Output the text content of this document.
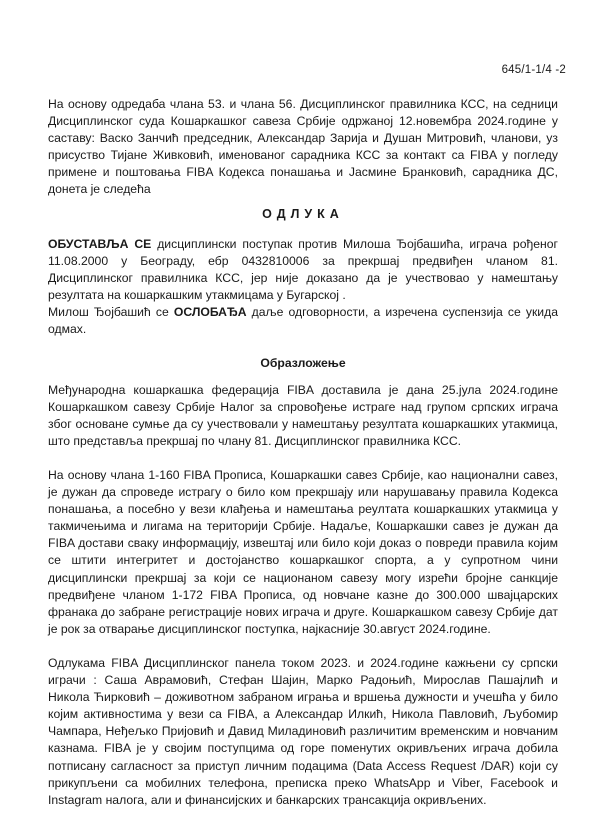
645/1-1/4 -2

На основу одредаба члана 53. и члана 56. Дисциплинског правилника КСС, на седници Дисциплинског суда Кошаркашког савеза Србије одржаној 12.новембра 2024.године у саставу: Васко Занчић председник, Александар Зарија и Душан Митровић, чланови, уз присуство Тијане Живковић, именованог сарадника КСС за контакт са FIBA у погледу примене и поштовања FIBA Кодекса понашања и Јасмине Бранковић, сарадника ДС, донета је следећа

ОДЛУКА

ОБУСТАВЉА СЕ дисциплински поступак против Милоша Ђојбашића, играча рођеног 11.08.2000 у Београду, ебр 0432810006 за прекршај предвиђен чланом 81. Дисциплинског правилника КСС, јер није доказано да је учествовао у намештању резултата на кошаркашким утакмицама у Бугарској .

Милош Ђојбашић се ОСЛОБАЂА даље одговорности, а изречена суспензија се укида одмах.

Образложење

Међународна кошаркашка федерација FIBA доставила је дана 25.јула 2024.године Кошаркашком савезу Србије Налог за спровођење истраге над групом српских играча због основане сумње да су учествовали у намештању резултата кошаркашких утакмица, што представља прекршај по члану 81. Дисциплинског правилника КСС.

На основу члана 1-160 FIBA Прописа, Кошаркашки савез Србије, као национални савез, је дужан да спроведе истрагу о било ком прекршају или нарушавању правила Кодекса понашања, а посебно у вези клађења и намештања реултата кошаркашких утакмица у такмичењима и лигама на територији Србије. Надаље, Кошаркашки савез је дужан да FIBA достави сваку информацију, извештај или било који доказ о повреди правила којим се штити интегритет и достојанство кошаркашког спорта, а у супротном чини дисциплински прекршај за који се национаном савезу могу изрећи бројне санкције предвиђене чланом 1-172 FIBA Прописа, од новчане казне до 300.000 швајцарских франака до забране регистрације нових играча и друге. Кошаркашком савезу Србије дат је рок за отварање дисциплинског поступка, најкасније 30.август 2024.године.

Одлукама FIBA Дисциплинског панела током 2023. и 2024.године кажњени су српски играчи : Саша Аврамовић, Стефан Шаjин, Марко Радоњић, Мирослав Пашајлић и Никола Ћирковић – доживотном забраном играња и вршења дужности и учешћа у било којим активностима у вези са FIBA, а Александар Илкић, Никола Павловић, Љубомир Чампара, Неђељко Пријовић и Давид Миладиновић различитим временским и новчаним казнама. FIBA је у својим поступцима од горе поменутих окривљених играча добила потписану сагласност за приступ личним подацима (Data Access Request /DAR) који су прикупљени са мобилних телефона, преписка преко WhatsApp и Viber, Facebook и Instagram налога, али и финансијских и банкарских трансакција окривљених.
